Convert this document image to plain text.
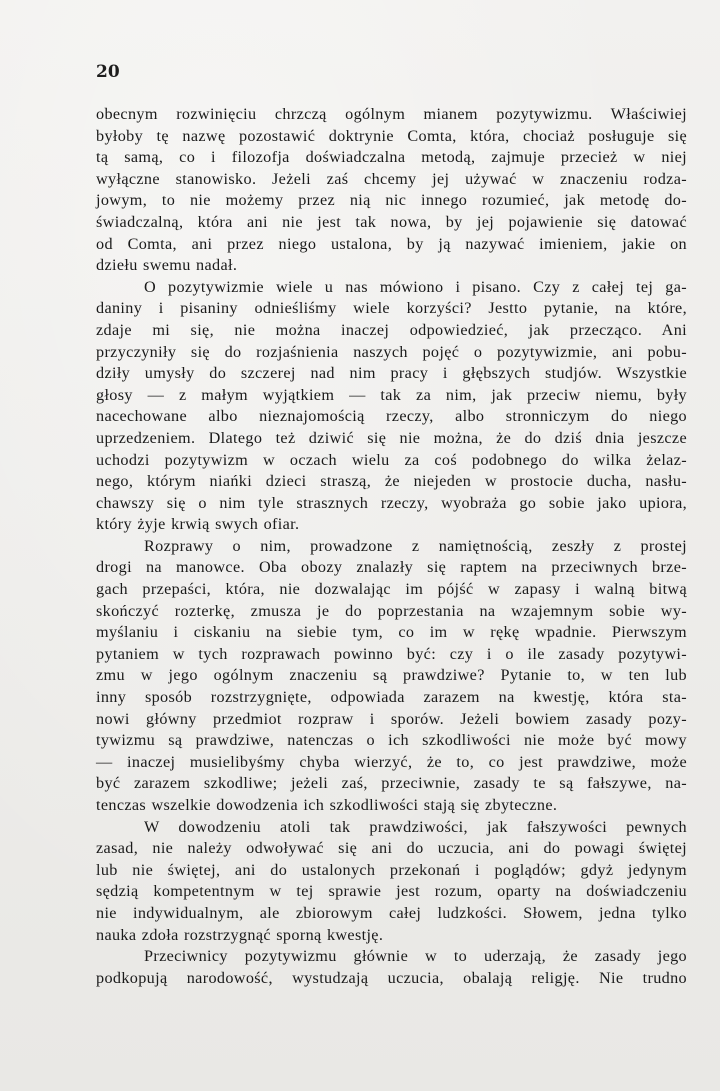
20

obecnym rozwinięciu chrzczą ogólnym mianem pozytywizmu. Właściwiej
byłoby tę nazwę pozostawić doktrynie Comta, która, chociaż posługuje się
tą samą, co i filozofja doświadczalna metodą, zajmuje przecież w niej
wyłączne stanowisko. Jeżeli zaś chcemy jej używać w znaczeniu rodza-
jowym, to nie możemy przez nią nic innego rozumieć, jak metodę do-
świadczalną, która ani nie jest tak nowa, by jej pojawienie się datować
od Comta, ani przez niego ustalona, by ją nazywać imieniem, jakie on
dziełu swemu nadał.
O pozytywizmie wiele u nas mówiono i pisano. Czy z całej tej ga-
daniny i pisaniny odnieśliśmy wiele korzyści? Jestto pytanie, na które,
zdaje mi się, nie można inaczej odpowiedzieć, jak przecząco. Ani
przyczyniły się do rozjaśnienia naszych pojęć o pozytywizmie, ani pobu-
dziły umysły do szczerej nad nim pracy i głębszych studjów. Wszystkie
głosy — z małym wyjątkiem — tak za nim, jak przeciw niemu, były
nacechowane albo nieznajomością rzeczy, albo stronniczym do niego
uprzedzeniem. Dlatego też dziwić się nie można, że do dziś dnia jeszcze
uchodzi pozytywizm w oczach wielu za coś podobnego do wilka żelaz-
nego, którym niańki dzieci straszą, że niejeden w prostocie ducha, nasłu-
chawszy się o nim tyle strasznych rzeczy, wyobraża go sobie jako upiora,
który żyje krwią swych ofiar.
Rozprawy o nim, prowadzone z namiętnością, zeszły z prostej
drogi na manowce. Oba obozy znalazły się raptem na przeciwnych brze-
gach przepaści, która, nie dozwalając im pójść w zapasy i walną bitwą
skończyć rozterkę, zmusza je do poprzestania na wzajemnym sobie wy-
myślaniu i ciskaniu na siebie tym, co im w rękę wpadnie. Pierwszym
pytaniem w tych rozprawach powinno być: czy i o ile zasady pozytywi-
zmu w jego ogólnym znaczeniu są prawdziwe? Pytanie to, w ten lub
inny sposób rozstrzygnięte, odpowiada zarazem na kwestję, która sta-
nowi główny przedmiot rozpraw i sporów. Jeżeli bowiem zasady pozy-
tywizmu są prawdziwe, natenczas o ich szkodliwości nie może być mowy
— inaczej musielibyśmy chyba wierzyć, że to, co jest prawdziwe, może
być zarazem szkodliwe; jeżeli zaś, przeciwnie, zasady te są fałszywe, na-
tenczas wszelkie dowodzenia ich szkodliwości stają się zbyteczne.
W dowodzeniu atoli tak prawdziwości, jak fałszywości pewnych
zasad, nie należy odwoływać się ani do uczucia, ani do powagi świętej
lub nie świętej, ani do ustalonych przekonań i poglądów; gdyż jedynym
sędzią kompetentnym w tej sprawie jest rozum, oparty na doświadczeniu
nie indywidualnym, ale zbiorowym całej ludzkości. Słowem, jedna tylko
nauka zdoła rozstrzygnąć sporną kwestję.
Przeciwnicy pozytywizmu głównie w to uderzają, że zasady jego
podkopują narodowość, wystudzają uczucia, obalają religję. Nie trudno
